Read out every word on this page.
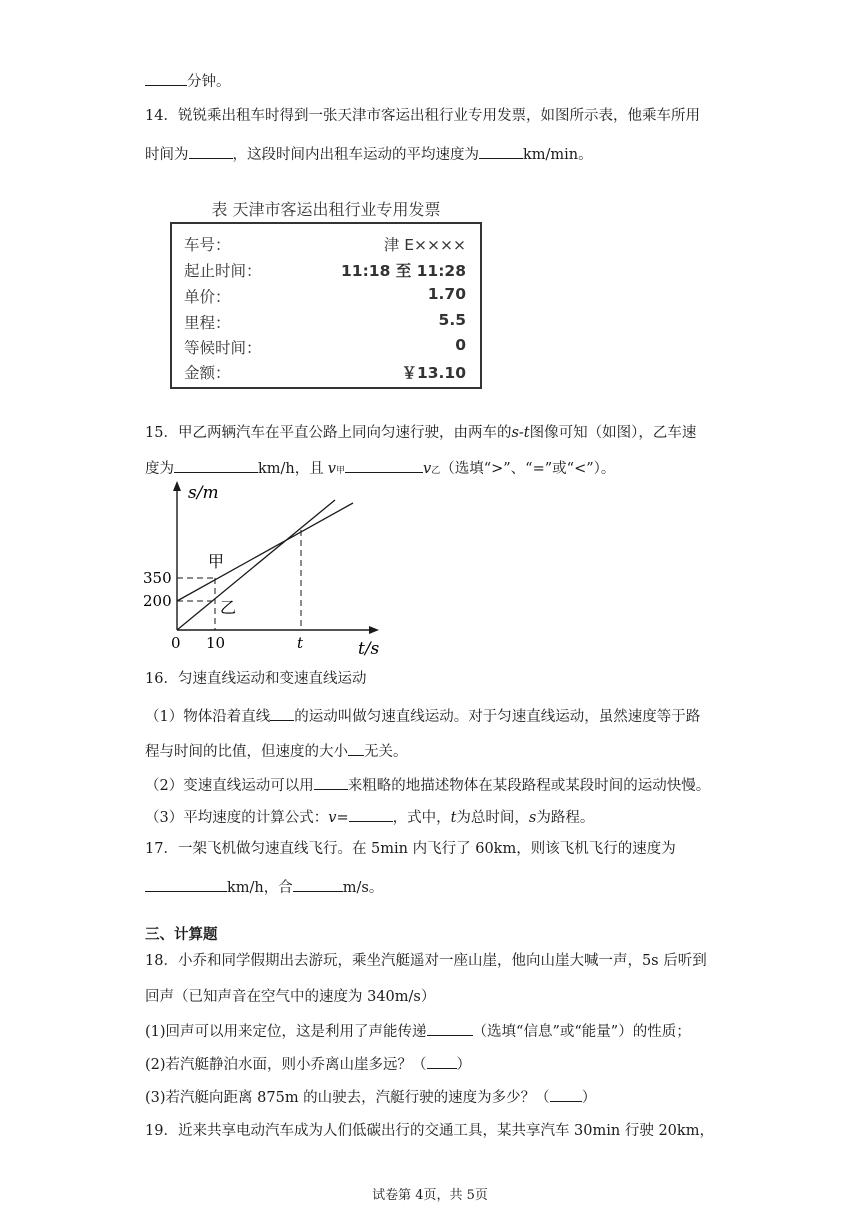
分钟。
14．锐锐乘出租车时得到一张天津市客运出租行业专用发票，如图所示表，他乘车所用
时间为	，这段时间内出租车运动的平均速度为	km/min。
表 天津市客运出租行业专用发票
车号：	津 E××××
起止时间：	11:18 至 11:28
单价：	1.70
里程：	5.5
等候时间：	0
金额：	￥13.10
15．甲乙两辆汽车在平直公路上同向匀速行驶，由两车的s-t图像可知（如图），乙车速
度为	km/h，且 v甲	v乙（选填“>”、“=”或“<”）。
s/m
t/s
0 10	t
350
200
甲
乙
16．匀速直线运动和变速直线运动
（1）物体沿着直线 的运动叫做匀速直线运动。对于匀速直线运动，虽然速度等于路
程与时间的比值，但速度的大小 无关。
（2）变速直线运动可以用 来粗略的地描述物体在某段路程或某段时间的运动快慢。
（3）平均速度的计算公式：v=	，式中，t为总时间，s为路程。
17．一架飞机做匀速直线飞行。在 5min 内飞行了 60km，则该飞机飞行的速度为
km/h，合	m/s。
三、计算题
18．小乔和同学假期出去游玩，乘坐汽艇遥对一座山崖，他向山崖大喊一声，5s 后听到
回声（已知声音在空气中的速度为 340m/s）
(1)回声可以用来定位，这是利用了声能传递	（选填“信息”或“能量”）的性质；
(2)若汽艇静泊水面，则小乔离山崖多远？（ ）
(3)若汽艇向距离 875m 的山驶去，汽艇行驶的速度为多少？（ ）
19．近来共享电动汽车成为人们低碳出行的交通工具，某共享汽车 30min 行驶 20km，
试卷第 4页，共 5页
